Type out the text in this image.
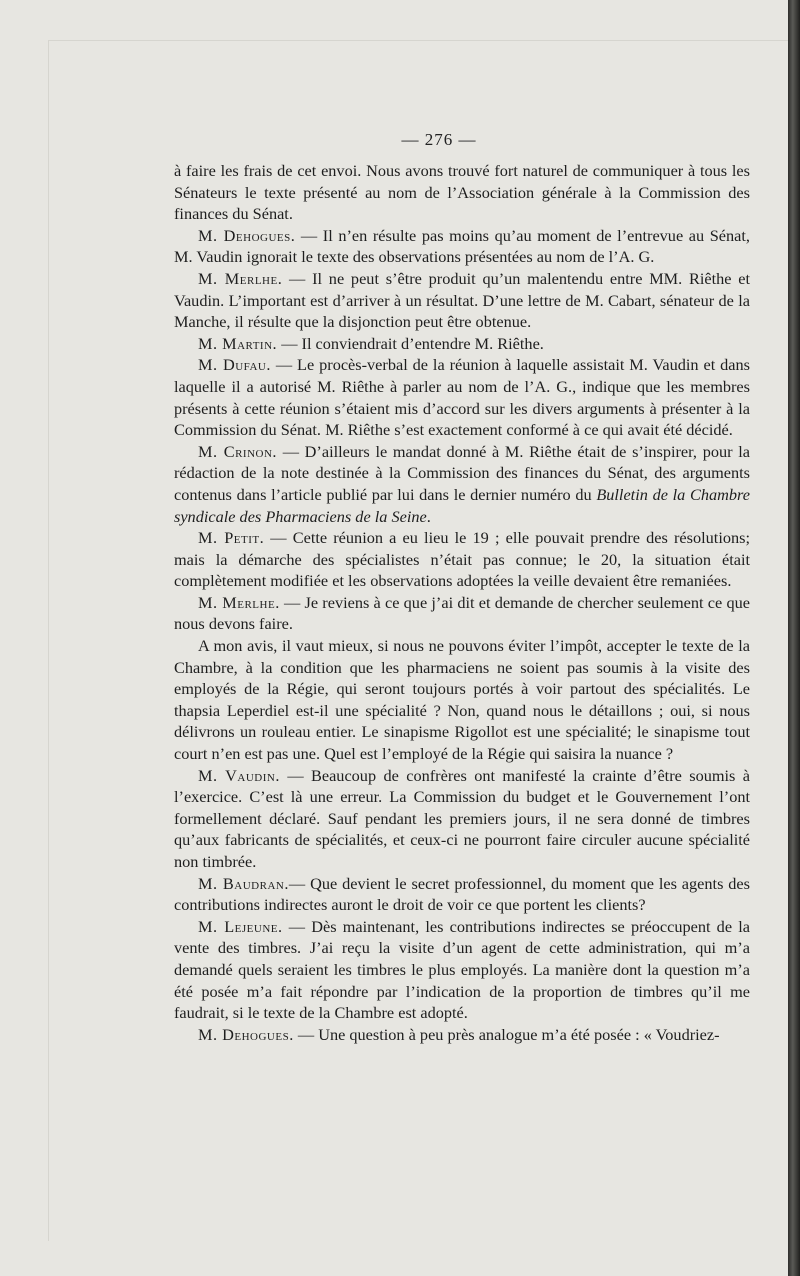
— 276 —

à faire les frais de cet envoi. Nous avons trouvé fort naturel de communiquer à tous les Sénateurs le texte présenté au nom de l’Association générale à la Commission des finances du Sénat.

M. Dehogues. — Il n’en résulte pas moins qu’au moment de l’entrevue au Sénat, M. Vaudin ignorait le texte des observations présentées au nom de l’A. G.

M. Merlhe. — Il ne peut s’être produit qu’un malentendu entre MM. Riêthe et Vaudin. L’important est d’arriver à un résultat. D’une lettre de M. Cabart, sénateur de la Manche, il résulte que la disjonction peut être obtenue.

M. Martin. — Il conviendrait d’entendre M. Riêthe.

M. Dufau. — Le procès-verbal de la réunion à laquelle assistait M. Vaudin et dans laquelle il a autorisé M. Riêthe à parler au nom de l’A. G., indique que les membres présents à cette réunion s’étaient mis d’accord sur les divers arguments à présenter à la Commission du Sénat. M. Riêthe s’est exactement conformé à ce qui avait été décidé.

M. Crinon. — D’ailleurs le mandat donné à M. Riêthe était de s’inspirer, pour la rédaction de la note destinée à la Commission des finances du Sénat, des arguments contenus dans l’article publié par lui dans le dernier numéro du Bulletin de la Chambre syndicale des Pharmaciens de la Seine.

M. Petit. — Cette réunion a eu lieu le 19 ; elle pouvait prendre des résolutions; mais la démarche des spécialistes n’était pas connue; le 20, la situation était complètement modifiée et les observations adoptées la veille devaient être remaniées.

M. Merlhe. — Je reviens à ce que j’ai dit et demande de chercher seulement ce que nous devons faire.

A mon avis, il vaut mieux, si nous ne pouvons éviter l’impôt, accepter le texte de la Chambre, à la condition que les pharmaciens ne soient pas soumis à la visite des employés de la Régie, qui seront toujours portés à voir partout des spécialités. Le thapsia Leperdiel est-il une spécialité ? Non, quand nous le détaillons ; oui, si nous délivrons un rouleau entier. Le sinapisme Rigollot est une spécialité; le sinapisme tout court n’en est pas une. Quel est l’employé de la Régie qui saisira la nuance ?

M. Vaudin. — Beaucoup de confrères ont manifesté la crainte d’être soumis à l’exercice. C’est là une erreur. La Commission du budget et le Gouvernement l’ont formellement déclaré. Sauf pendant les premiers jours, il ne sera donné de timbres qu’aux fabricants de spécialités, et ceux-ci ne pourront faire circuler aucune spécialité non timbrée.

M. Baudran.— Que devient le secret professionnel, du moment que les agents des contributions indirectes auront le droit de voir ce que portent les clients?

M. Lejeune. — Dès maintenant, les contributions indirectes se préoccupent de la vente des timbres. J’ai reçu la visite d’un agent de cette administration, qui m’a demandé quels seraient les timbres le plus employés. La manière dont la question m’a été posée m’a fait répondre par l’indication de la proportion de timbres qu’il me faudrait, si le texte de la Chambre est adopté.

M. Dehogues. — Une question à peu près analogue m’a été posée : « Voudriez-
